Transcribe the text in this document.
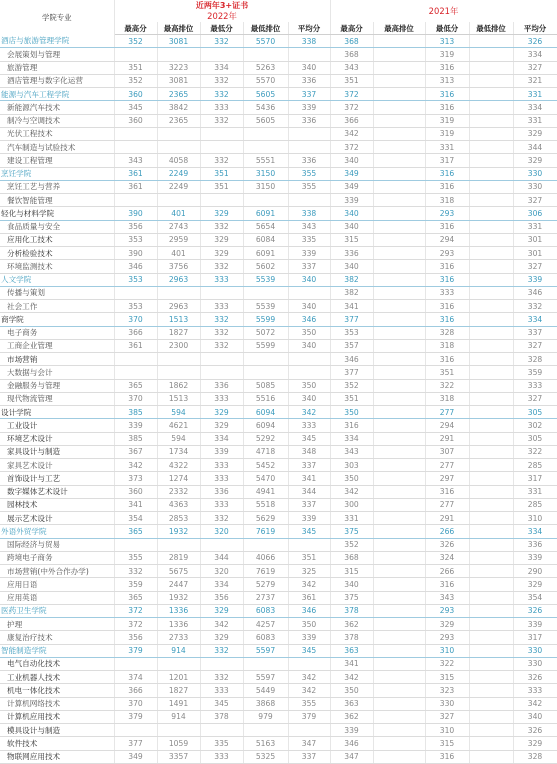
学院专业	近两年3+证书
2022年					2021年				
	最高分	最高排位	最低分	最低排位	平均分	最高分	最高排位	最低分	最低排位	平均分
酒店与旅游管理学院	352	3081	332	5570	338	368		313		326
会展策划与管理						368		319		334
旅游管理	351	3223	334	5263	340	343		316		327
酒店管理与数字化运营	352	3081	332	5570	336	351		313		321
能源与汽车工程学院	360	2365	332	5605	337	372		316		331
新能源汽车技术	345	3842	333	5436	339	372		316		334
制冷与空调技术	360	2365	332	5605	336	366		319		331
光伏工程技术						342		319		329
汽车制造与试验技术						372		331		344
建设工程管理	343	4058	332	5551	336	340		317		329
烹饪学院	361	2249	351	3150	355	349		316		330
烹饪工艺与营养	361	2249	351	3150	355	349		316		330
餐饮智能管理						339		318		327
轻化与材料学院	390	401	329	6091	338	340		293		306
食品质量与安全	356	2743	332	5654	343	340		316		331
应用化工技术	353	2959	329	6084	335	315		294		301
分析检验技术	390	401	329	6091	339	336		293		301
环境监测技术	346	3756	332	5602	337	340		316		327
人文学院	353	2963	333	5539	340	382		316		339
传播与策划						382		333		346
社会工作	353	2963	333	5539	340	341		316		332
商学院	370	1513	332	5599	346	377		316		334
电子商务	366	1827	332	5072	350	353		328		337
工商企业管理	361	2300	332	5599	340	357		318		327
市场营销						346		316		328
大数据与会计						377		351		359
金融服务与管理	365	1862	336	5085	350	352		322		333
现代物流管理	370	1513	333	5516	340	351		318		327
设计学院	385	594	329	6094	342	350		277		305
工业设计	339	4621	329	6094	333	316		294		302
环境艺术设计	385	594	334	5292	345	334		291		305
家具设计与制造	367	1734	339	4718	348	343		307		322
家具艺术设计	342	4322	333	5452	337	303		277		285
首饰设计与工艺	373	1274	333	5470	341	350		297		317
数字媒体艺术设计	360	2332	336	4941	344	342		316		331
园林技术	341	4363	333	5518	337	300		277		285
展示艺术设计	354	2853	332	5629	339	331		291		310
外语外贸学院	365	1932	320	7619	345	375		266		334
国际经济与贸易						352		326		336
跨境电子商务	355	2819	344	4066	351	368		324		339
市场营销(中外合作办学)	332	5675	320	7619	325	315		266		290
应用日语	359	2447	334	5279	342	340		316		329
应用英语	365	1932	356	2737	361	375		343		354
医药卫生学院	372	1336	329	6083	346	378		293		326
护理	372	1336	342	4257	350	362		329		339
康复治疗技术	356	2733	329	6083	339	378		293		317
智能制造学院	379	914	332	5597	345	363		310		330
电气自动化技术						341		322		330
工业机器人技术	374	1201	332	5597	342	342		315		326
机电一体化技术	366	1827	333	5449	342	350		323		333
计算机网络技术	370	1491	345	3868	355	363		330		342
计算机应用技术	379	914	378	979	379	362		327		340
模具设计与制造						339		310		326
软件技术	377	1059	335	5163	347	346		315		329
物联网应用技术	349	3357	333	5325	337	347		316		328
